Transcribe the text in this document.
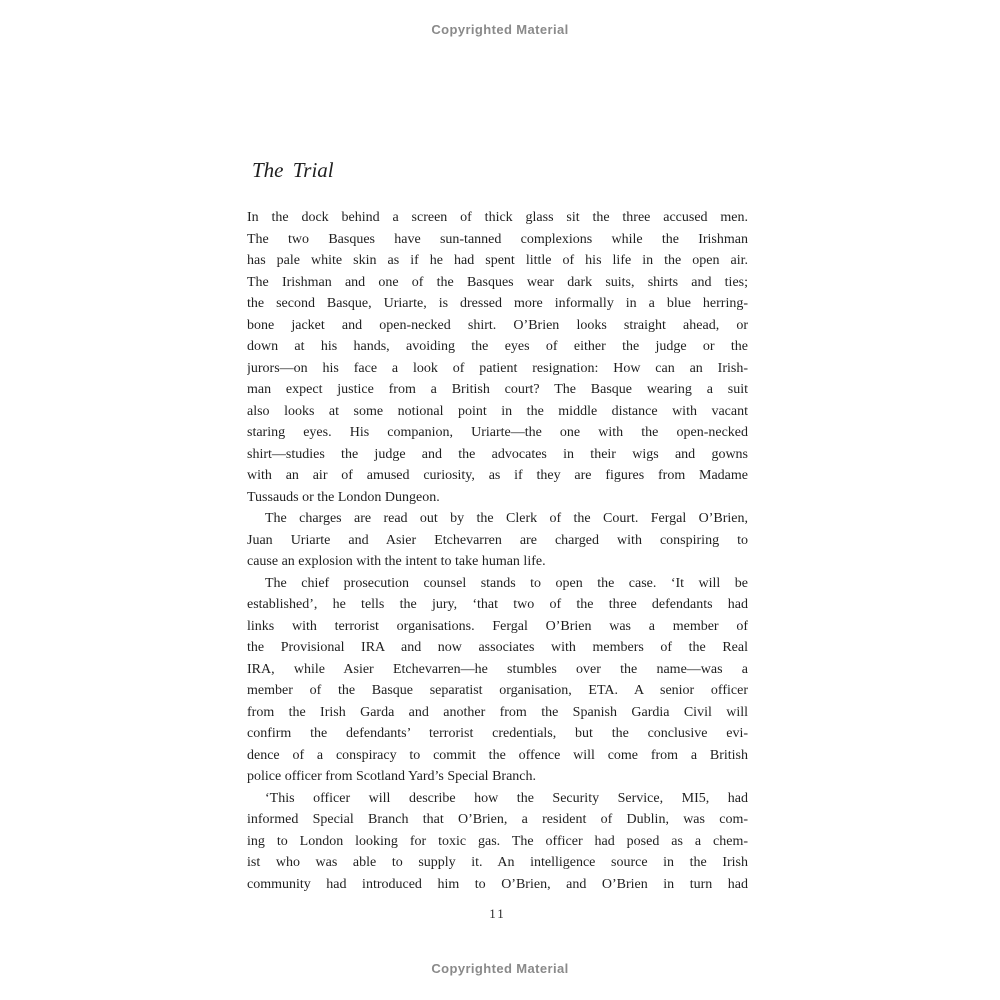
Copyrighted Material
The Trial
In the dock behind a screen of thick glass sit the three accused men.
The two Basques have sun-tanned complexions while the Irishman
has pale white skin as if he had spent little of his life in the open air.
The Irishman and one of the Basques wear dark suits, shirts and ties;
the second Basque, Uriarte, is dressed more informally in a blue herring-
bone jacket and open-necked shirt. O’Brien looks straight ahead, or
down at his hands, avoiding the eyes of either the judge or the
jurors—on his face a look of patient resignation: How can an Irish-
man expect justice from a British court? The Basque wearing a suit
also looks at some notional point in the middle distance with vacant
staring eyes. His companion, Uriarte—the one with the open-necked
shirt—studies the judge and the advocates in their wigs and gowns
with an air of amused curiosity, as if they are figures from Madame
Tussauds or the London Dungeon.
The charges are read out by the Clerk of the Court. Fergal O’Brien,
Juan Uriarte and Asier Etchevarren are charged with conspiring to
cause an explosion with the intent to take human life.
The chief prosecution counsel stands to open the case. ‘It will be
established’, he tells the jury, ‘that two of the three defendants had
links with terrorist organisations. Fergal O’Brien was a member of
the Provisional IRA and now associates with members of the Real
IRA, while Asier Etchevarren—he stumbles over the name—was a
member of the Basque separatist organisation, ETA. A senior officer
from the Irish Garda and another from the Spanish Gardia Civil will
confirm the defendants’ terrorist credentials, but the conclusive evi-
dence of a conspiracy to commit the offence will come from a British
police officer from Scotland Yard’s Special Branch.
‘This officer will describe how the Security Service, MI5, had
informed Special Branch that O’Brien, a resident of Dublin, was com-
ing to London looking for toxic gas. The officer had posed as a chem-
ist who was able to supply it. An intelligence source in the Irish
community had introduced him to O’Brien, and O’Brien in turn had
11
Copyrighted Material
